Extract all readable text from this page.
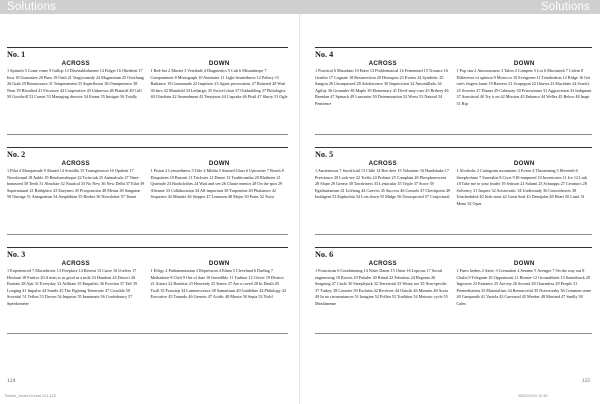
Solutions
No. 1
ACROSS
1 Spinach 5 Come come 9 Gallop 13 Disestablishment 14 Fidget 16 Obedient 17 Inca 18 Guarantee 20 Puns 19 Oath 21 Tragicomedy 24 Magnesium 25 Overhang 26 Grab 29 Renaissance 31 Temperament 33 Superfluous 36 Omnipotence 38 Nom 39 Bloodied 41 Fricassee 44 Cooperative 45 Unknown 48 Plaintiff 49 Call 50 Goodwill 52 Comet 53 Managing director 54 Errant 55 Intrigue 56 Totally
DOWN
1 Red-hot 2 Muster 3 Vestibule 4 Diagnostics 5 Cub 6 Misanthrope 7 Compartment 8 Monograph 10 Animator 11 Light-heartedness 12 Poltery 15 Radiance 19 Commando 22 Imprison 23 Agent provocateur 27 Battered 28 Wait 30 Inro 32 Manifold 34 Lethargic 35 Swivel chair 37 Outbuilding 37 Philologist 40 Chieftain 42 Amendment 43 Tennyson 44 Cupcake 46 Pistil 47 Slurry 51 Ogle
No. 2
ACROSS
1 Pilot 4 Masquerade 9 Abated 14 Scintilla 15 Transgression 16 Opulent 17 Newsbound 18 Ankle 19 Reinbursebsque 22 Twin-tub 25 Animalcule 27 Time-honoured 30 Teeth 31 Absolute 32 Nautical 35 No New 36 New Delhi 37 Eilat 39 Supernatural 41 Birthplace 43 Enzymes 45 Prosposition 48 Means 49 Sanguine 50 Outrage 51 Antagonism 54 Amphibian 55 Reeber 56 Newsletter 57 Tenon
DOWN
1 Piston 2 Leisureliness 3 Title 4 Militia 5 Stained Glass 6 Uptowner 7 Reach 8 Disquieten 10 Bassnit 11 Trickster 12 Dense 13 Traditionalist 20 Blatherer 21 Quietude 23 Bookclothes 24 Wait and see 26 Chaste mentor 28 On the spot 29 Alienate 33 Collaboration 34 All-important 38 Turpentine 40 Phalanxes 42 Sequence 44 Mistake 46 Stepper 47 Lemmon 48 Major 50 Pains 52 Twist
No. 3
ACROSS
1 Experienced 7 Macrobiotic 13 Fireplace 14 Retreat 15 Curse 16 Useless 17 Hesitant 18 Furtive 20 A miss is as good as a mile 23 Handout 24 Dissect 26 Emirate 28 Ajar 31 Everyday 32 Affiliate 35 Empathic 36 Eviction 37 Tall 39 Longing 41 Impulse 44 Startle 45 The Fighting Temeraire 47 Crucible 50 Scornful 51 Teflon 53 Drown 54 Impasse 55 Inanimate 56 Confederacy 57 Speedometer
DOWN
1 Effigy 2 Parliamentarian 3 Repression 4 Edam 5 Cleveland 6 Darling 7 Methadone 8 Cleft 9 Out of date 10 Incredible 11 Turbine 12 Clever 19 District 21 Attract 22 Roulette 23 Heavenly 25 Starve 27 Are u cored 28 In Death 29 Twill 33 Footstep 34 Luminescence 38 Samaritans 40 Guideline 42 Philology 43 Executive 45 Tornado 46 Genesis 47 Acidic 48 Mouse 50 Sepia 52 Yield
124
Solutions
No. 4
ACROSS
1 Practical 6 Macadam 10 Enter 13 Problematical 14 Fermented 15 Trounce 16 Genfire 17 Cognate 18 Resurrection 20 Hereupon 23 Events 24 Synthetic 25 Sangria 26 Unsurpassed 28 Adolescence 30 Imprecision 32 Amontillado 34 Agility 36 Grounder 38 Maple 39 Elementary 41 Devil-may-care 45 Bribery 46 Brendan 47 Spinach 49 Lancaster 50 Determination 52 Worst 53 Natural 54 Penitence
DOWN
1 Pop star 2 Amorousness 3 Talon 4 Compete 5 Lot 6 Macintosh 7 Calvin 8 Difference of opinion 9 Morocco 10 Evergreen 11 Tetrahedron 12 Ridge 16 Get one's fingers burnt 19 Reserve 21 Scapegoat 22 Ottawa 23 Elucidate 24 Scarify 25 Sweeter 27 Dinner 29 Calmway 30 Prizewinner 31 Aggravation 33 Indignant 37 Anecdotal 40 Try it on 42 Mission 43 Enhance 44 Weller 45 Below 48 Inapt 51 Rip
No. 5
ACROSS
1 Anciermous 7 Sacrificial 13 Chile 14 Roe deer 15 Volunteer 16 Handshake 17 Prescience 20 Look-see 22 Treffu 24 Probate 25 Complain 26 Phosphorescent 28 Slope 29 Grease 30 Tawdriness 33 Lenticular 35 Triple 37 Score 39 Egalitarianism 41 Lifelong 44 Convict 45 Success 46 Console 47 Checkpoint 49 Indulgent 53 Euphorbia 54 Lots down 55 Midge 56 Unsuspected 57 Conjectural
DOWN
1 Alcoholic 2 Cairngorm mountains 3 Evens 4 Threatening 5 Eleventh 6 Steeplechase 7 Surrealist 8 Civic 9 Ill-tempered 10 Inventories 11 Ice 12 Lurk 18 Take me to your leader 19 Jettison 21 Salami 23 Schnapps 27 Ceramics 28 Solvency 31 Inspect 32 Aristocratic 34 Understudy 36 Coincidences 38 Unscheduled 40 Irish stout 42 Great Seal 43 Demijohn 48 Heart 50 Limit 51 Menu 52 Opus
No. 6
ACROSS
1 Franciscan 6 Conditioning 14 Notre Dame 15 Orion 16 Leprous 17 Social engineering 18 Roosts 19 Pokaler 20 Ritual 22 Fabulous 24 Begonia 26 Seagoing 27 Circle 30 Steeplejack 32 Terrestrial 33 Weary toe 35 Non-specific 37 Turkey 38 Cassette 39 Exclaim 42 Receiver 44 Oatwik 46 Minutes 48 Aorta 49 In no circumstances 51 Imagine 52 Pollen 53 Tradition 54 Metonic cycle 55 Mealtimeme
DOWN
1 Fines herbes 2 Aztec 3 Cremation 4 Sesame 5 Avenger 7 On the way out 8 Chalia 9 Telegram 10 Opportunist 11 Bronze 12 Groundsheet 13 Soundtrack 20 Ingrower 23 Entrance 25 Are my 26 Second 28 Charmless 29 People 31 Premeditation 33 Materialism 34 Resourceful 35 Noteworthy 36 Common sense 40 Campanile 41 Variola 43 Carrousel 45 Meeker 48 Mustard 47 Smilly 50 Calm
125
Timesk_Junke19.indd 124-125	05/02/2019 10:30
